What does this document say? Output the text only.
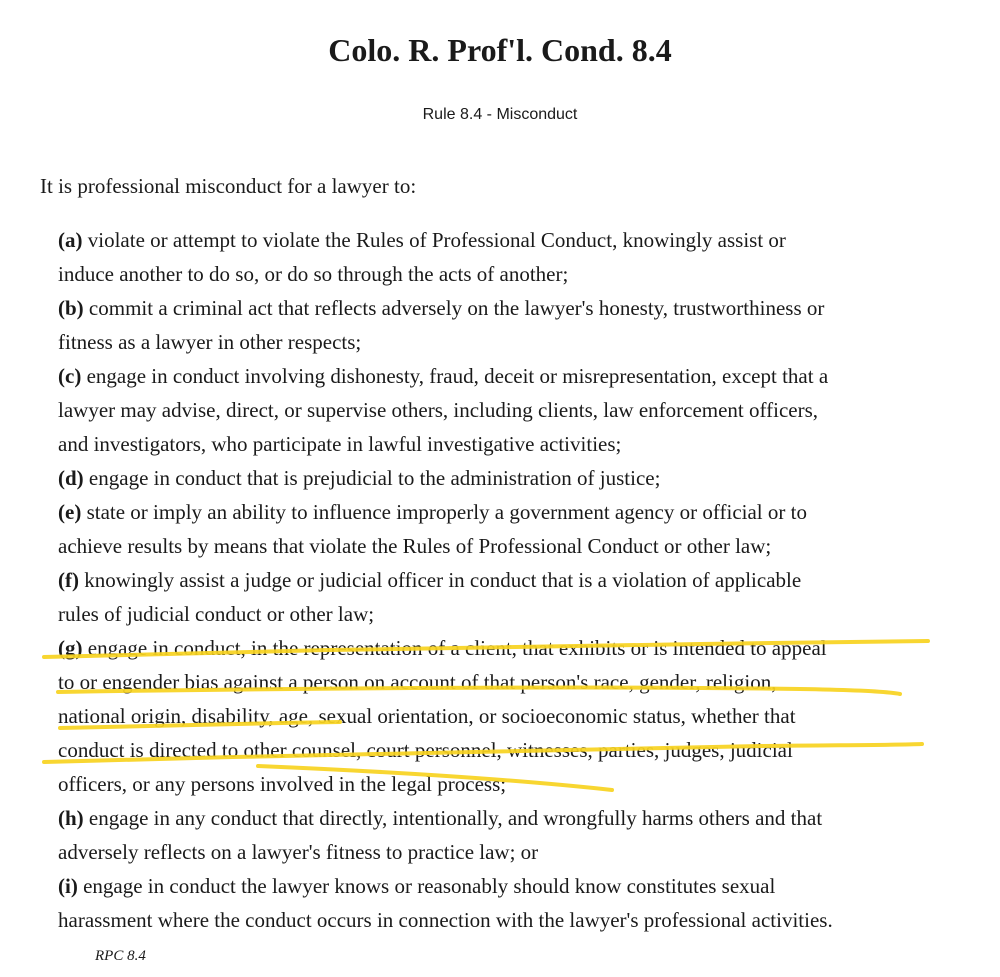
Colo. R. Prof'l. Cond. 8.4
Rule 8.4 - Misconduct
It is professional misconduct for a lawyer to:
(a) violate or attempt to violate the Rules of Professional Conduct, knowingly assist or
induce another to do so, or do so through the acts of another;
(b) commit a criminal act that reflects adversely on the lawyer's honesty, trustworthiness or
fitness as a lawyer in other respects;
(c) engage in conduct involving dishonesty, fraud, deceit or misrepresentation, except that a
lawyer may advise, direct, or supervise others, including clients, law enforcement officers,
and investigators, who participate in lawful investigative activities;
(d) engage in conduct that is prejudicial to the administration of justice;
(e) state or imply an ability to influence improperly a government agency or official or to
achieve results by means that violate the Rules of Professional Conduct or other law;
(f) knowingly assist a judge or judicial officer in conduct that is a violation of applicable
rules of judicial conduct or other law;
(g) engage in conduct, in the representation of a client, that exhibits or is intended to appeal
to or engender bias against a person on account of that person's race, gender, religion,
national origin, disability, age, sexual orientation, or socioeconomic status, whether that
conduct is directed to other counsel, court personnel, witnesses, parties, judges, judicial
officers, or any persons involved in the legal process;
(h) engage in any conduct that directly, intentionally, and wrongfully harms others and that
adversely reflects on a lawyer's fitness to practice law; or
(i) engage in conduct the lawyer knows or reasonably should know constitutes sexual
harassment where the conduct occurs in connection with the lawyer's professional activities.
RPC 8.4
